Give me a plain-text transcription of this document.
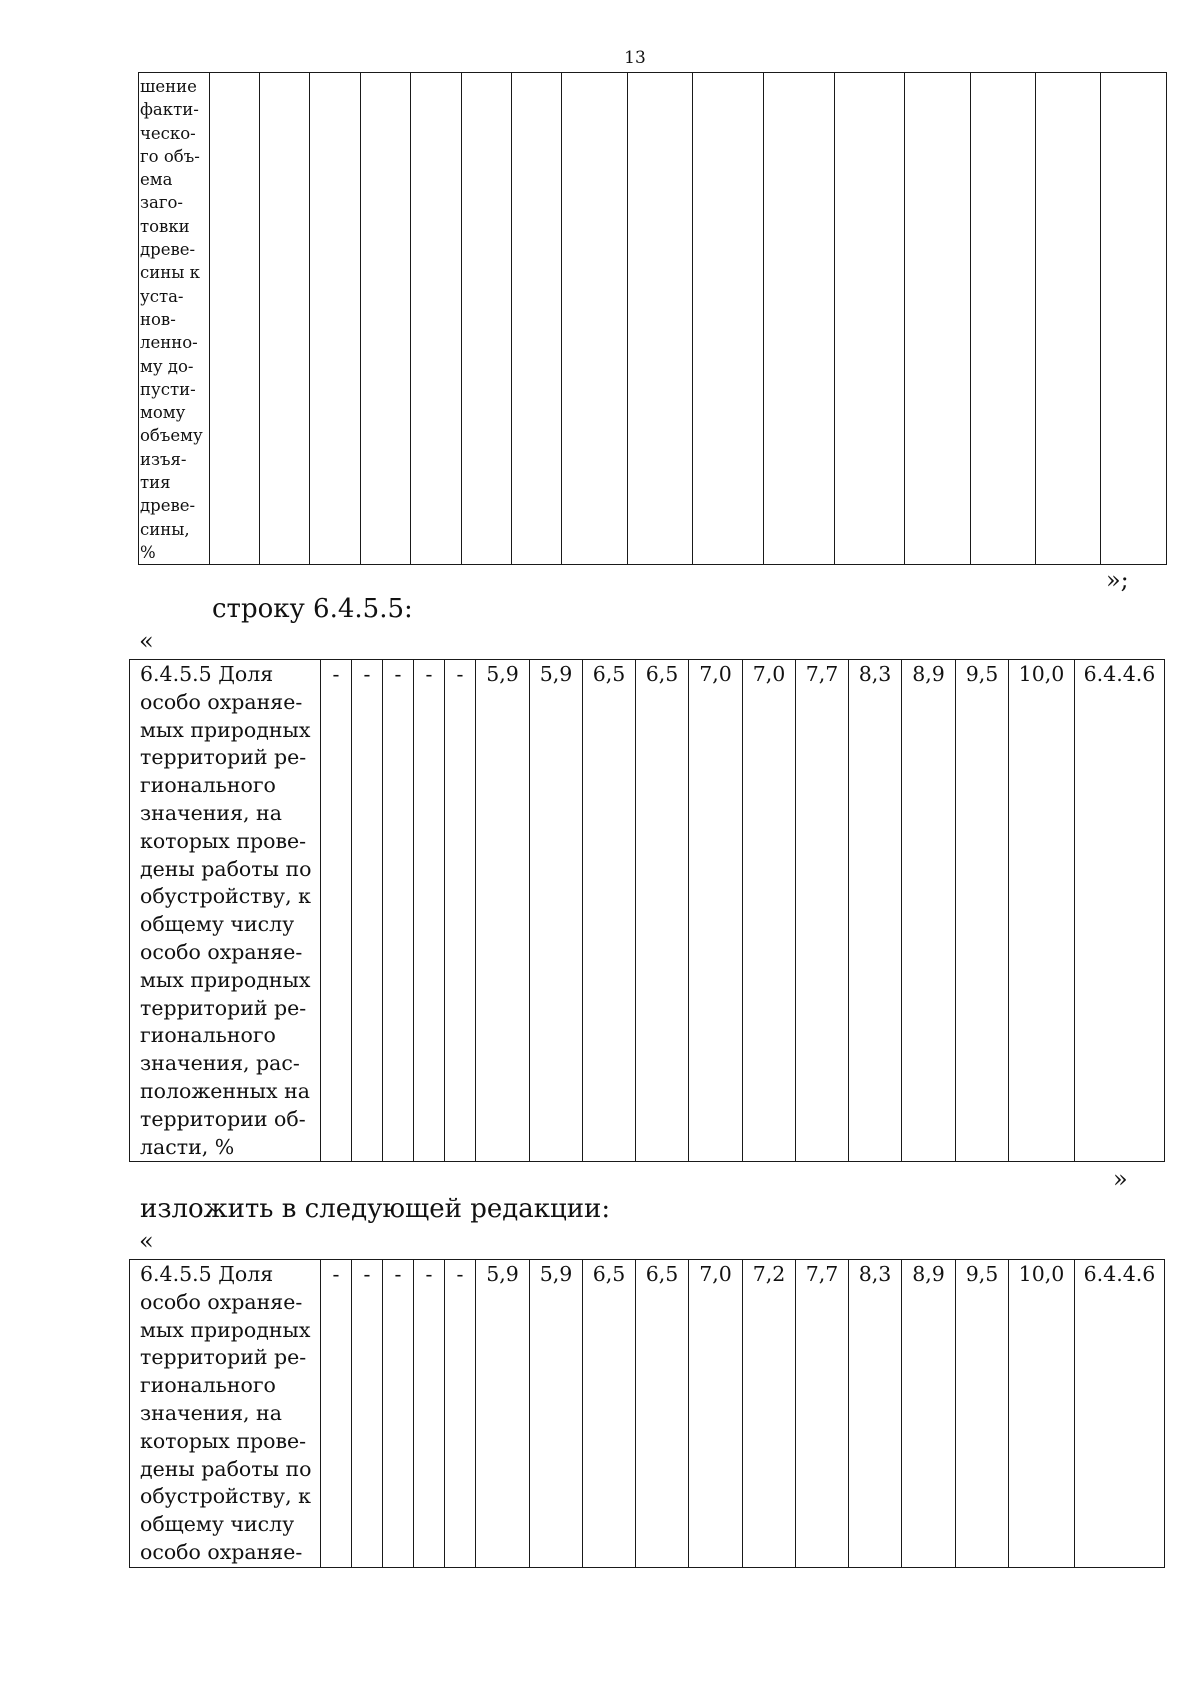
13
шение
факти-
ческо-
го объ-
ема
заго-
товки
древе-
сины к
уста-
нов-
ленно-
му до-
пусти-
мому
объему
изъя-
тия
древе-
сины,
%

»;
строку 6.4.5.5:
«
6.4.5.5 Доля
особо охраняе-
мых природных
территорий ре-
гионального
значения, на
которых прове-
дены работы по
обустройству, к
общему числу
особо охраняе-
мых природных
территорий ре-
гионального
значения, рас-
положенных на
территории об-
ласти, %
	-	-	-	-	-	5,9	5,9	6,5	6,5	7,0	7,0	7,7	8,3	8,9	9,5	10,0	6.4.4.6
»
изложить в следующей редакции:
«
6.4.5.5 Доля
особо охраняе-
мых природных
территорий ре-
гионального
значения, на
которых прове-
дены работы по
обустройству, к
общему числу
особо охраняе-
	-	-	-	-	-	5,9	5,9	6,5	6,5	7,0	7,2	7,7	8,3	8,9	9,5	10,0	6.4.4.6
